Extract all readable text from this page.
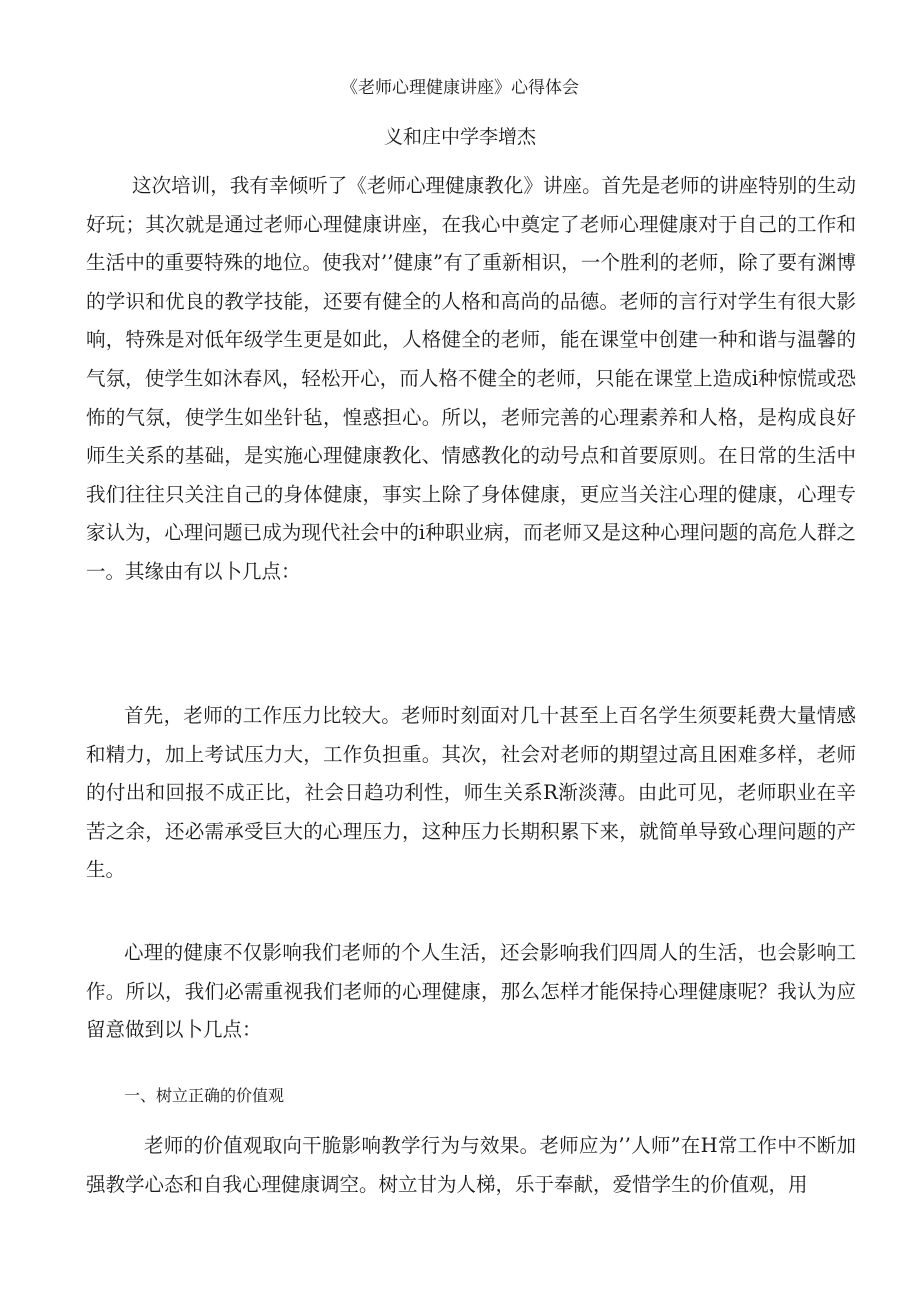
《老师心理健康讲座》心得体会
义和庄中学李增杰

这次培训，我有幸倾听了《老师心理健康教化》讲座。首先是老师的讲座特别的生动好玩；其次就是通过老师心理健康讲座，在我心中奠定了老师心理健康对于自己的工作和生活中的重要特殊的地位。使我对’’健康”有了重新相识，一个胜利的老师，除了要有渊博的学识和优良的教学技能，还要有健全的人格和高尚的品德。老师的言行对学生有很大影响，特殊是对低年级学生更是如此，人格健全的老师，能在课堂中创建一种和谐与温馨的气氛，使学生如沐春风，轻松开心，而人格不健全的老师，只能在课堂上造成i种惊慌或恐怖的气氛，使学生如坐针毡，惶惑担心。所以，老师完善的心理素养和人格，是构成良好师生关系的基础，是实施心理健康教化、情感教化的动号点和首要原则。在日常的生活中我们往往只关注自己的身体健康，事实上除了身体健康，更应当关注心理的健康，心理专家认为，心理问题已成为现代社会中的i种职业病，而老师又是这种心理问题的高危人群之一。其缘由有以卜几点：

首先，老师的工作压力比较大。老师时刻面对几十甚至上百名学生须要耗费大量情感和精力，加上考试压力大，工作负担重。其次，社会对老师的期望过高且困难多样，老师的付出和回报不成正比，社会日趋功利性，师生关系R渐淡薄。由此可见，老师职业在辛苦之余，还必需承受巨大的心理压力，这种压力长期积累下来，就简单导致心理问题的产生。

心理的健康不仅影响我们老师的个人生活，还会影响我们四周人的生活，也会影响工作。所以，我们必需重视我们老师的心理健康，那么怎样才能保持心理健康呢？我认为应留意做到以卜几点：

一、树立正确的价值观

老师的价值观取向干脆影响教学行为与效果。老师应为’’人师”在H常工作中不断加强教学心态和自我心理健康调空。树立甘为人梯，乐于奉献，爱惜学生的价值观，用
